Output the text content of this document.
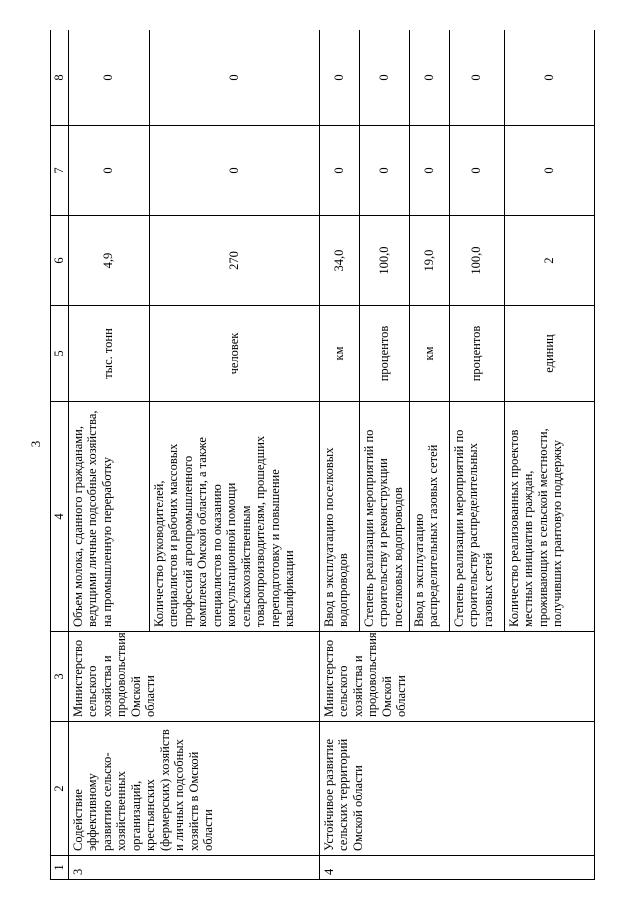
3
1	2	3	4	5	6	7	8
3	Содействие эффективному развитию сельско-хозяйственных организаций, крестьянских (фермерских) хозяйств и личных подсобных хозяйств в Омской области	Министерство сельского хозяйства и продовольствия Омской области	Объем молока, сданного гражданами, ведущими личные подсобные хозяйства, на промышленную переработку	тыс. тонн	4,9	0	0
			Количество руководителей, специалистов и рабочих массовых профессий агропромышленного комплекса Омской области, а также специалистов по оказанию консультационной помощи сельскохозяйственным товаропроизводителям, прошедших переподготовку и повышение квалификации	человек	270	0	0
4	Устойчивое развитие сельских территорий Омской области	Министерство сельского хозяйства и продовольствия Омской области	Ввод в эксплуатацию поселковых водопроводов	км	34,0	0	0
			Степень реализации мероприятий по строительству и реконструкции поселковых водопроводов	процентов	100,0	0	0
			Ввод в эксплуатацию распределительных газовых сетей	км	19,0	0	0
			Степень реализации мероприятий по строительству распределительных газовых сетей	процентов	100,0	0	0
			Количество реализованных проектов местных инициатив граждан, проживающих в сельской местности, получивших грантовую поддержку	единиц	2	0	0
